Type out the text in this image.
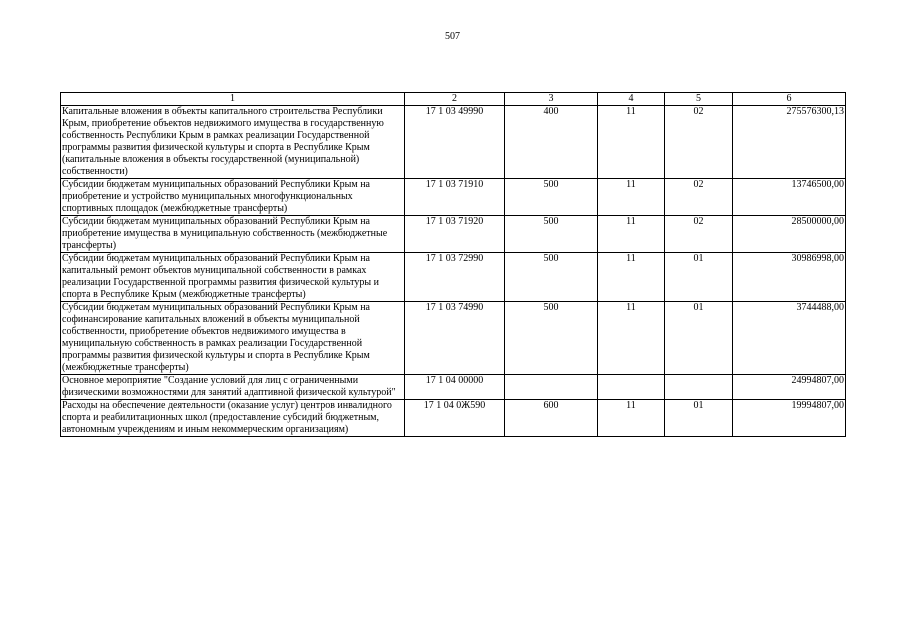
507
1	2	3	4	5	6
Капитальные вложения в объекты капитального строительства Республики Крым, приобретение объектов недвижимого имущества в государственную собственность Республики Крым в рамках реализации Государственной программы развития физической культуры и спорта в Республике Крым (капитальные вложения в объекты государственной (муниципальной) собственности)	17 1 03 49990	400	11	02	275576300,13
Субсидии бюджетам муниципальных образований Республики Крым на приобретение и устройство муниципальных многофункциональных спортивных площадок (межбюджетные трансферты)	17 1 03 71910	500	11	02	13746500,00
Субсидии бюджетам муниципальных образований Республики Крым на приобретение имущества в муниципальную собственность (межбюджетные трансферты)	17 1 03 71920	500	11	02	28500000,00
Субсидии бюджетам муниципальных образований Республики Крым на капитальный ремонт объектов муниципальной собственности в рамках реализации Государственной программы развития физической культуры и спорта в Республике Крым (межбюджетные трансферты)	17 1 03 72990	500	11	01	30986998,00
Субсидии бюджетам муниципальных образований Республики Крым на софинансирование капитальных вложений в объекты муниципальной собственности, приобретение объектов недвижимого имущества в муниципальную собственность в рамках реализации Государственной программы развития физической культуры и спорта в Республике Крым (межбюджетные трансферты)	17 1 03 74990	500	11	01	3744488,00
Основное мероприятие "Создание условий для лиц с ограниченными физическими возможностями для занятий адаптивной физической культурой"	17 1 04 00000				24994807,00
Расходы на обеспечение деятельности (оказание услуг) центров инвалидного спорта и реабилитационных школ (предоставление субсидий бюджетным, автономным учреждениям и иным некоммерческим организациям)	17 1 04 0Ж590	600	11	01	19994807,00
